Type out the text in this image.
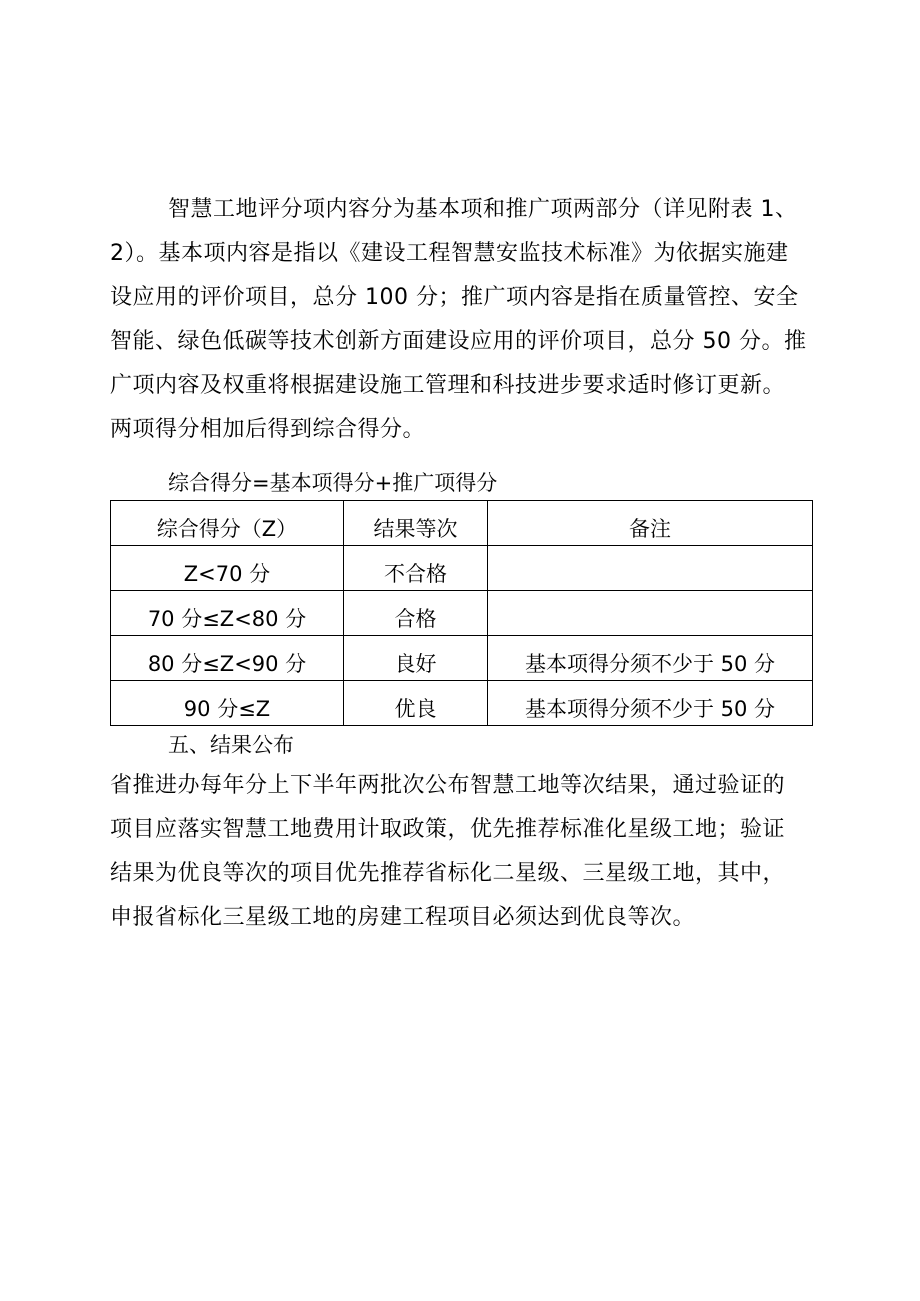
智慧工地评分项内容分为基本项和推广项两部分（详见附表 1、
2）。基本项内容是指以《建设工程智慧安监技术标准》为依据实施建
设应用的评价项目，总分 100 分；推广项内容是指在质量管控、安全
智能、绿色低碳等技术创新方面建设应用的评价项目，总分 50 分。推
广项内容及权重将根据建设施工管理和科技进步要求适时修订更新。
两项得分相加后得到综合得分。

综合得分=基本项得分+推广项得分

综合得分（Z）	结果等次	备注
Z<70 分	不合格	
70 分≤Z<80 分	合格	
80 分≤Z<90 分	良好	基本项得分须不少于 50 分
90 分≤Z	优良	基本项得分须不少于 50 分

五、结果公布

省推进办每年分上下半年两批次公布智慧工地等次结果，通过验证的
项目应落实智慧工地费用计取政策，优先推荐标准化星级工地；验证
结果为优良等次的项目优先推荐省标化二星级、三星级工地，其中，
申报省标化三星级工地的房建工程项目必须达到优良等次。
